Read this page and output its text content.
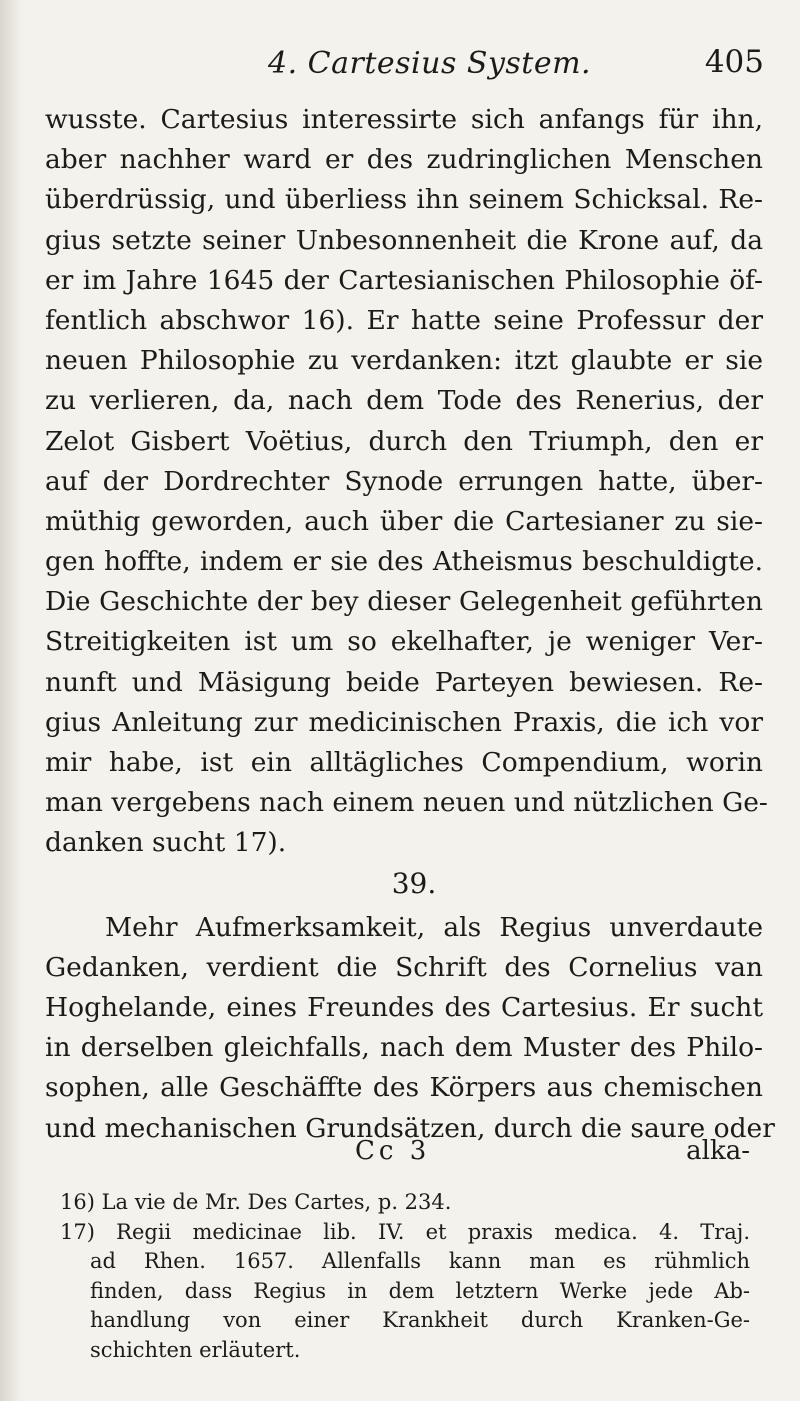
4. Cartesius System.	405
wusste. Cartesius interessirte sich anfangs für ihn,
aber nachher ward er des zudringlichen Menschen
überdrüssig, und überliess ihn seinem Schicksal. Re-
gius setzte seiner Unbesonnenheit die Krone auf, da
er im Jahre 1645 der Cartesianischen Philosophie öf-
fentlich abschwor 16). Er hatte seine Professur der
neuen Philosophie zu verdanken: itzt glaubte er sie
zu verlieren, da, nach dem Tode des Renerius, der
Zelot Gisbert Voëtius, durch den Triumph, den er
auf der Dordrechter Synode errungen hatte, über-
müthig geworden, auch über die Cartesianer zu sie-
gen hoffte, indem er sie des Atheismus beschuldigte.
Die Geschichte der bey dieser Gelegenheit geführten
Streitigkeiten ist um so ekelhafter, je weniger Ver-
nunft und Mäsigung beide Parteyen bewiesen. Re-
gius Anleitung zur medicinischen Praxis, die ich vor
mir habe, ist ein alltägliches Compendium, worin
man vergebens nach einem neuen und nützlichen Ge-
danken sucht 17).
39.
Mehr Aufmerksamkeit, als Regius unverdaute
Gedanken, verdient die Schrift des Cornelius van
Hoghelande, eines Freundes des Cartesius. Er sucht
in derselben gleichfalls, nach dem Muster des Philo-
sophen, alle Geschäffte des Körpers aus chemischen
und mechanischen Grundsätzen, durch die saure oder
Cc 3	alka-
16) La vie de Mr. Des Cartes, p. 234.
17) Regii medicinae lib. IV. et praxis medica. 4. Traj.
ad Rhen. 1657. Allenfalls kann man es rühmlich
finden, dass Regius in dem letztern Werke jede Ab-
handlung von einer Krankheit durch Kranken-Ge-
schichten erläutert.
